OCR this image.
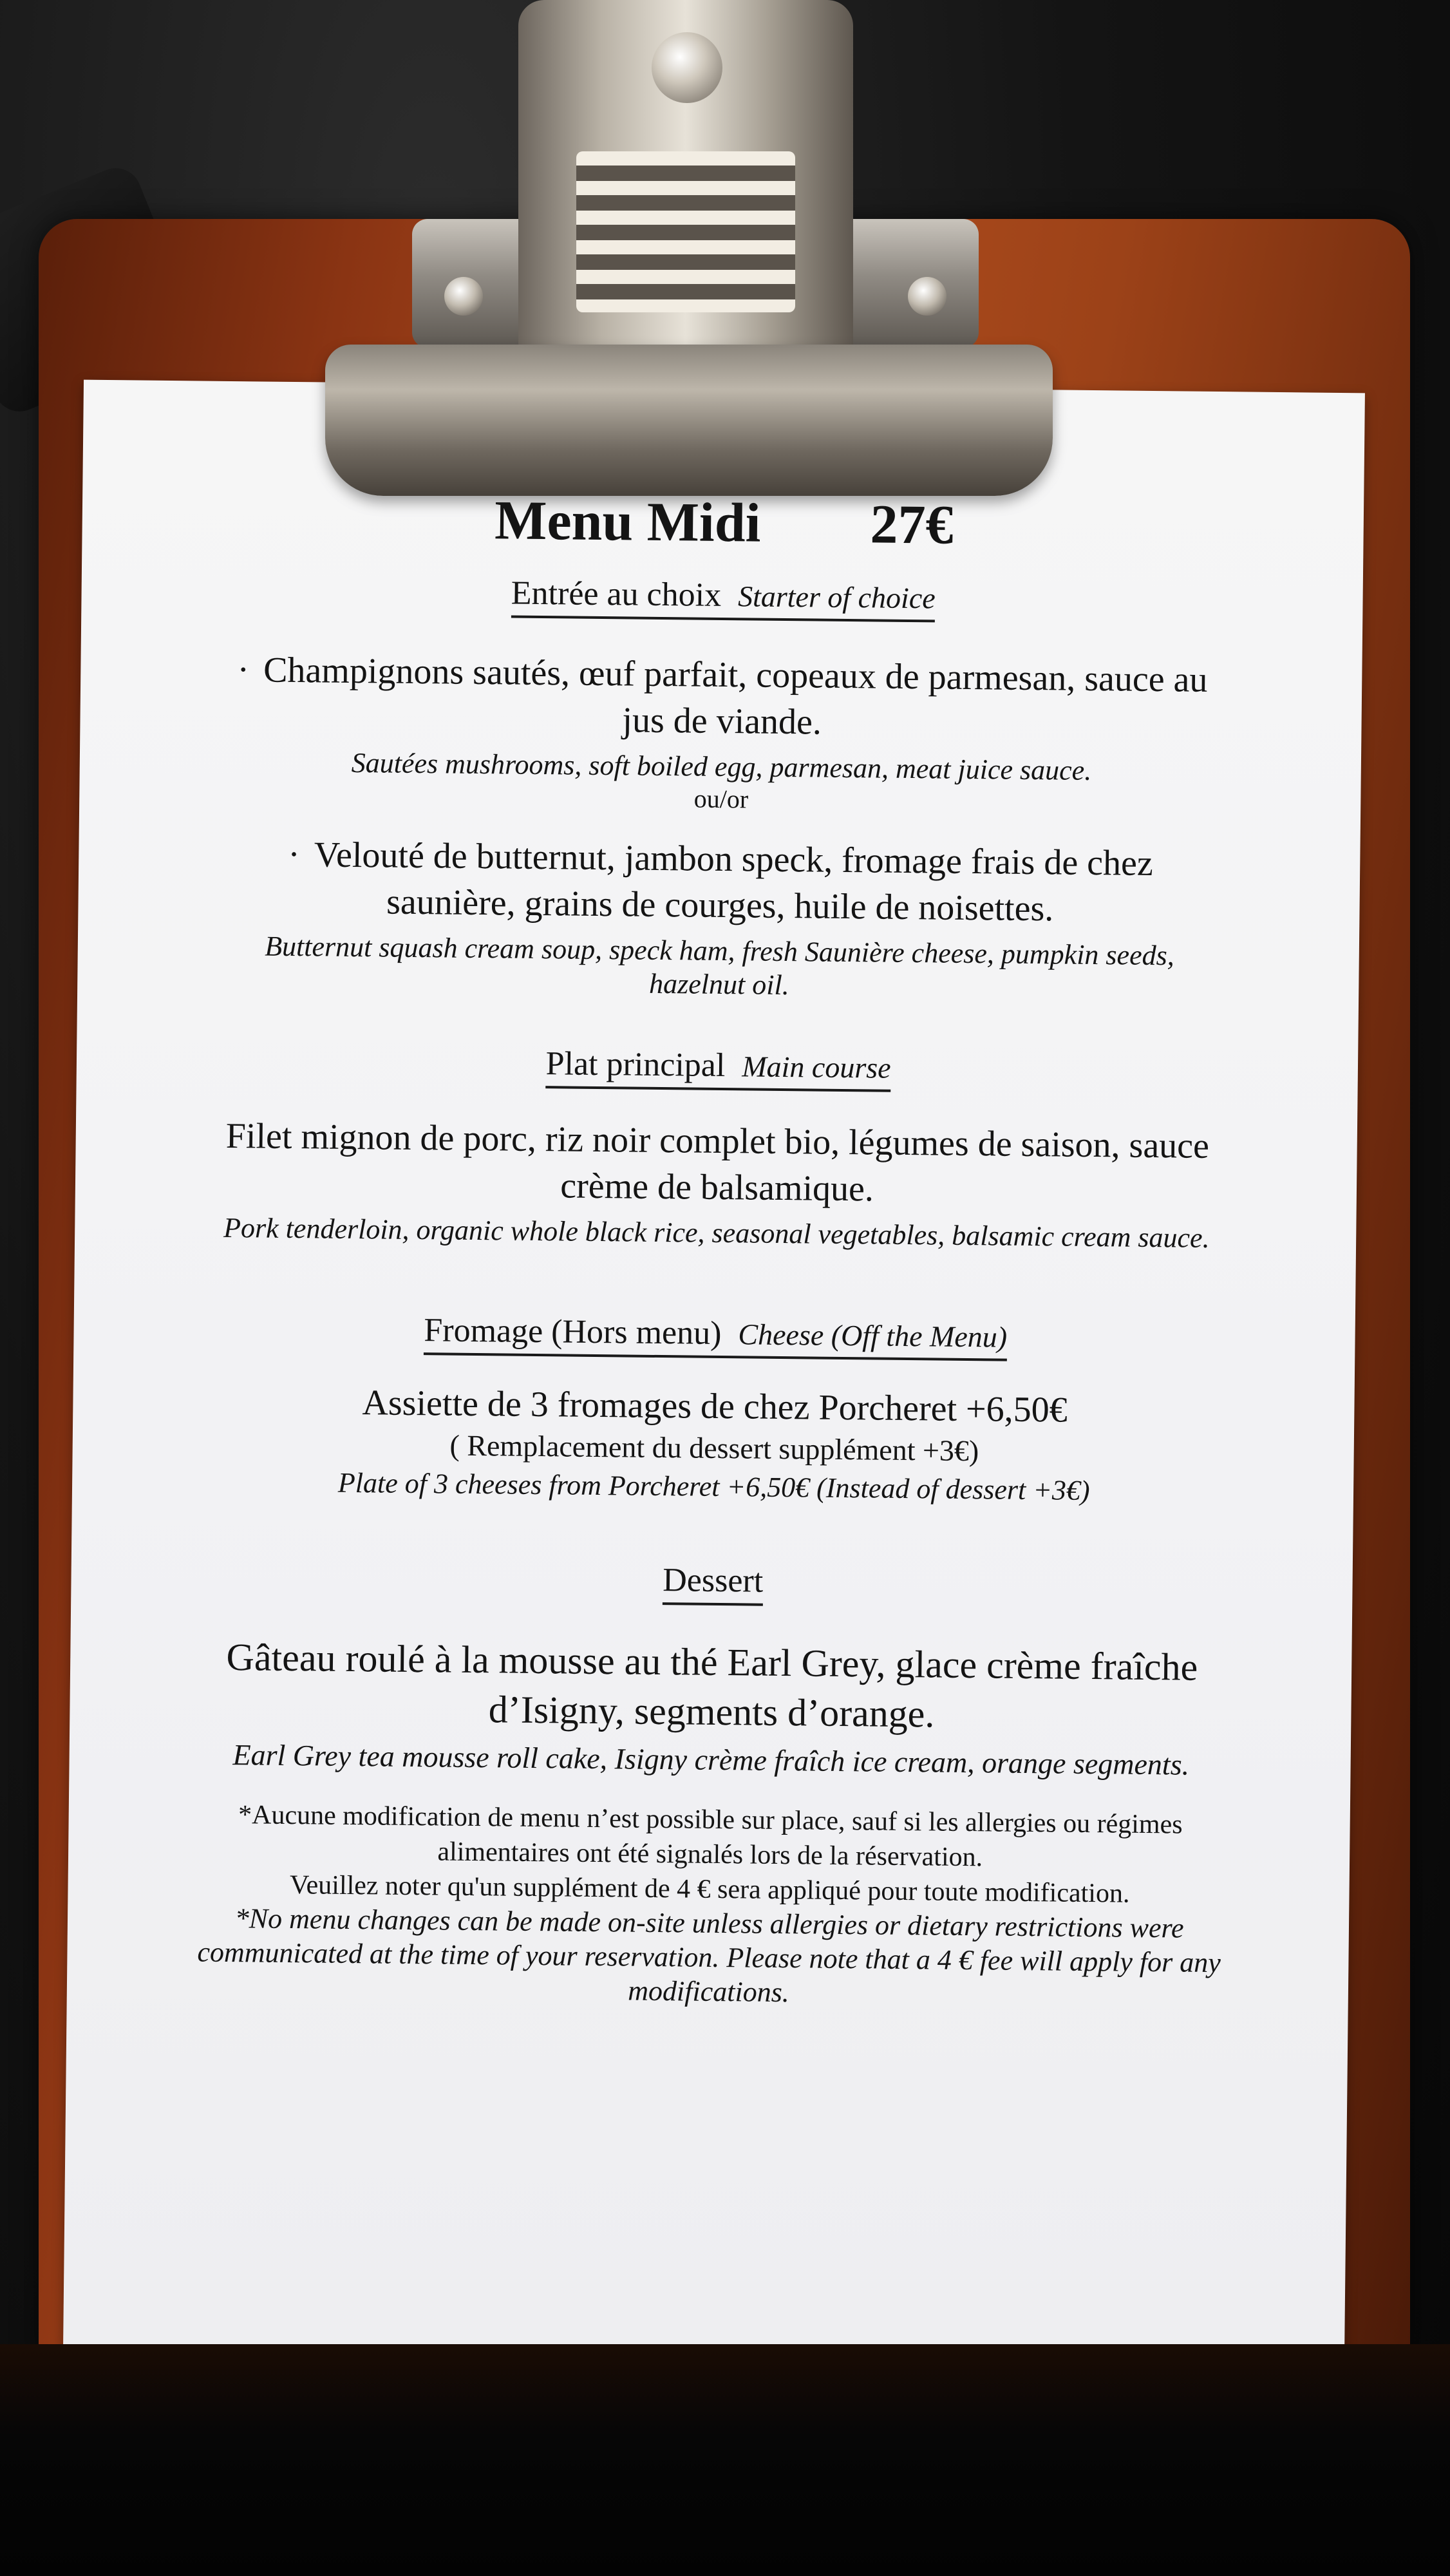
Menu Midi 27€
Entrée au choix Starter of choice
· Champignons sautés, œuf parfait, copeaux de parmesan, sauce au
jus de viande.
Sautées mushrooms, soft boiled egg, parmesan, meat juice sauce.
ou/or
· Velouté de butternut, jambon speck, fromage frais de chez
saunière, grains de courges, huile de noisettes.
Butternut squash cream soup, speck ham, fresh Saunière cheese, pumpkin seeds,
hazelnut oil.
Plat principal Main course
Filet mignon de porc, riz noir complet bio, légumes de saison, sauce
crème de balsamique.
Pork tenderloin, organic whole black rice, seasonal vegetables, balsamic cream sauce.
Fromage (Hors menu) Cheese (Off the Menu)
Assiette de 3 fromages de chez Porcheret +6,50€
( Remplacement du dessert supplément +3€)
Plate of 3 cheeses from Porcheret +6,50€ (Instead of dessert +3€)
Dessert
Gâteau roulé à la mousse au thé Earl Grey, glace crème fraîche
d’Isigny, segments d’orange.
Earl Grey tea mousse roll cake, Isigny crème fraîch ice cream, orange segments.
*Aucune modification de menu n’est possible sur place, sauf si les allergies ou régimes
alimentaires ont été signalés lors de la réservation.
Veuillez noter qu'un supplément de 4 € sera appliqué pour toute modification.
*No menu changes can be made on-site unless allergies or dietary restrictions were
communicated at the time of your reservation. Please note that a 4 € fee will apply for any
modifications.
